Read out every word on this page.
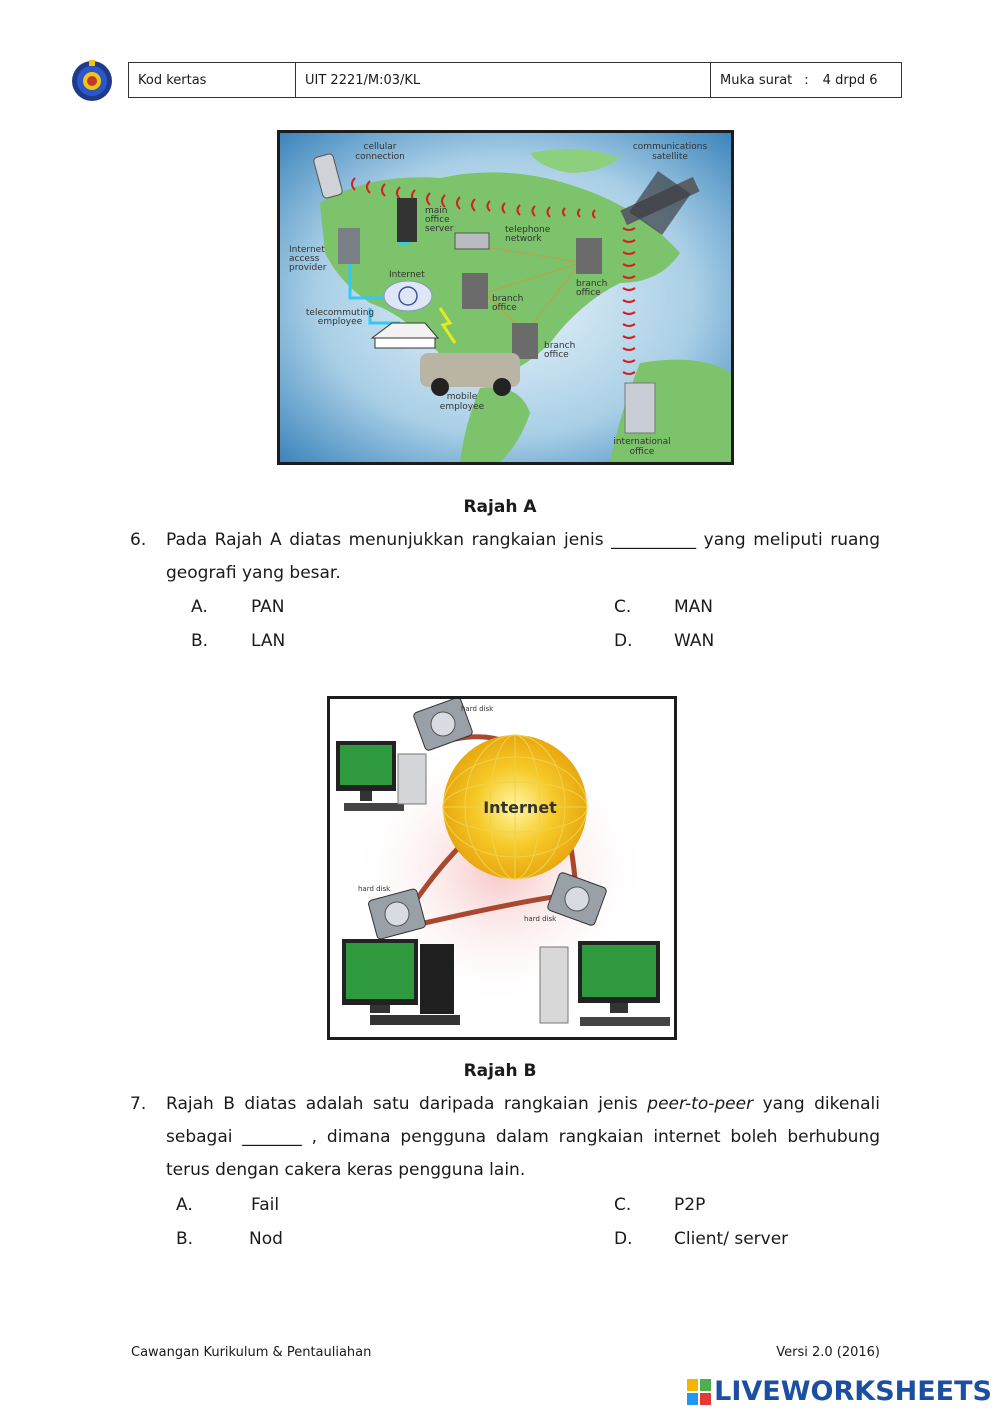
Kod kertas	UIT 2221/M:03/KL	Muka surat : 4 drpd 6
cellular
connection
communications
satellite
main
office
server	telephone
network
Internet
access
provider
Internet
branch
office
branch
office
branch
office
telecommuting
employee
mobile
employee
international
office
Rajah A
6. Pada Rajah A diatas menunjukkan rangkaian jenis __________ yang meliputi ruang geografi yang besar.
A.	PAN
B.	LAN
C.	MAN
D. WAN
Internet
hard disk
hard disk
hard disk
Rajah B
7. Rajah B diatas adalah satu daripada rangkaian jenis peer-to-peer yang dikenali sebagai _______ , dimana pengguna dalam rangkaian internet boleh berhubung terus dengan cakera keras pengguna lain.
A.	Fail
B.	Nod
C.	P2P
D. Client/ server
Cawangan Kurikulum & Pentauliahan	Versi 2.0 (2016)
LIVEWORKSHEETS
